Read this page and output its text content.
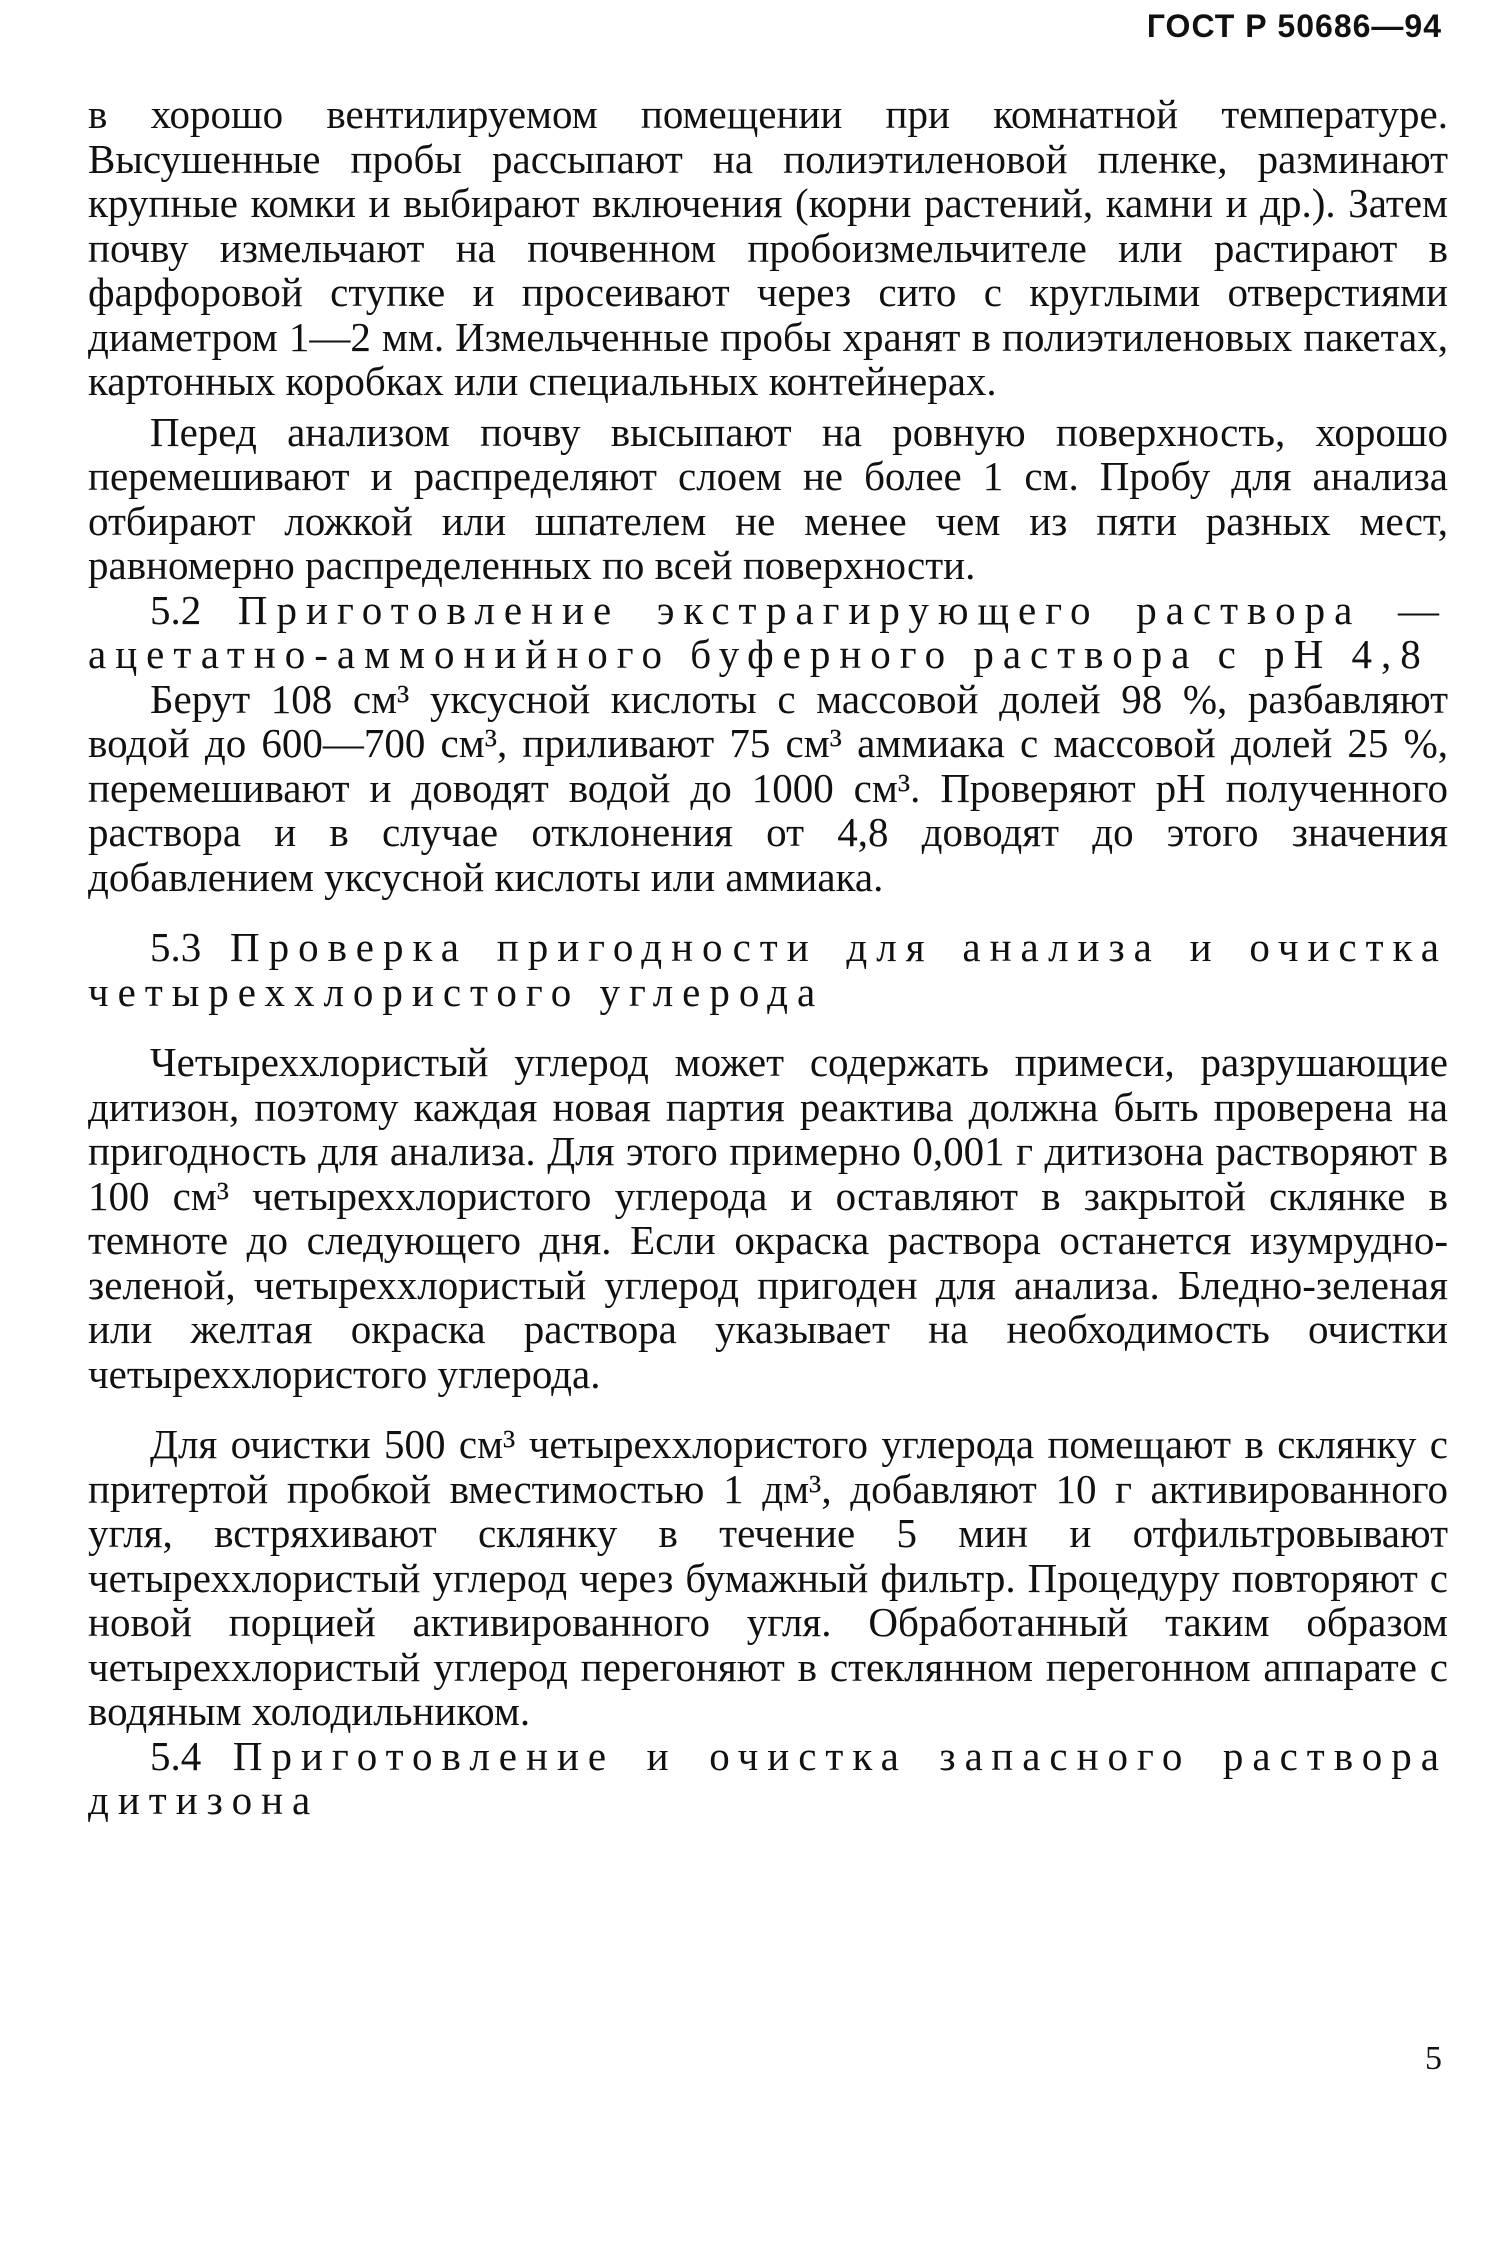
ГОСТ Р 50686—94

в хорошо вентилируемом помещении при комнатной температуре. Высушенные пробы рассыпают на полиэтиленовой пленке, разминают крупные комки и выбирают включения (корни растений, камни и др.). Затем почву измельчают на почвенном пробоизмельчителе или растирают в фарфоровой ступке и просеивают через сито с круглыми отверстиями диаметром 1—2 мм. Измельченные пробы хранят в полиэтиленовых пакетах, картонных коробках или специальных контейнерах.

Перед анализом почву высыпают на ровную поверхность, хорошо перемешивают и распределяют слоем не более 1 см. Пробу для анализа отбирают ложкой или шпателем не менее чем из пяти разных мест, равномерно распределенных по всей поверхности.

5.2 Приготовление экстрагирующего раствора — ацетатно-аммонийного буферного раствора с pH 4,8

Берут 108 см³ уксусной кислоты с массовой долей 98 %, разбавляют водой до 600—700 см³, приливают 75 см³ аммиака с массовой долей 25 %, перемешивают и доводят водой до 1000 см³. Проверяют pH полученного раствора и в случае отклонения от 4,8 доводят до этого значения добавлением уксусной кислоты или аммиака.

5.3 Проверка пригодности для анализа и очистка четыреххлористого углерода

Четыреххлористый углерод может содержать примеси, разрушающие дитизон, поэтому каждая новая партия реактива должна быть проверена на пригодность для анализа. Для этого примерно 0,001 г дитизона растворяют в 100 см³ четыреххлористого углерода и оставляют в закрытой склянке в темноте до следующего дня. Если окраска раствора останется изумрудно-зеленой, четыреххлористый углерод пригоден для анализа. Бледно-зеленая или желтая окраска раствора указывает на необходимость очистки четыреххлористого углерода.

Для очистки 500 см³ четыреххлористого углерода помещают в склянку с притертой пробкой вместимостью 1 дм³, добавляют 10 г активированного угля, встряхивают склянку в течение 5 мин и отфильтровывают четыреххлористый углерод через бумажный фильтр. Процедуру повторяют с новой порцией активированного угля. Обработанный таким образом четыреххлористый углерод перегоняют в стеклянном перегонном аппарате с водяным холодильником.

5.4 Приготовление и очистка запасного раствора дитизона

5
